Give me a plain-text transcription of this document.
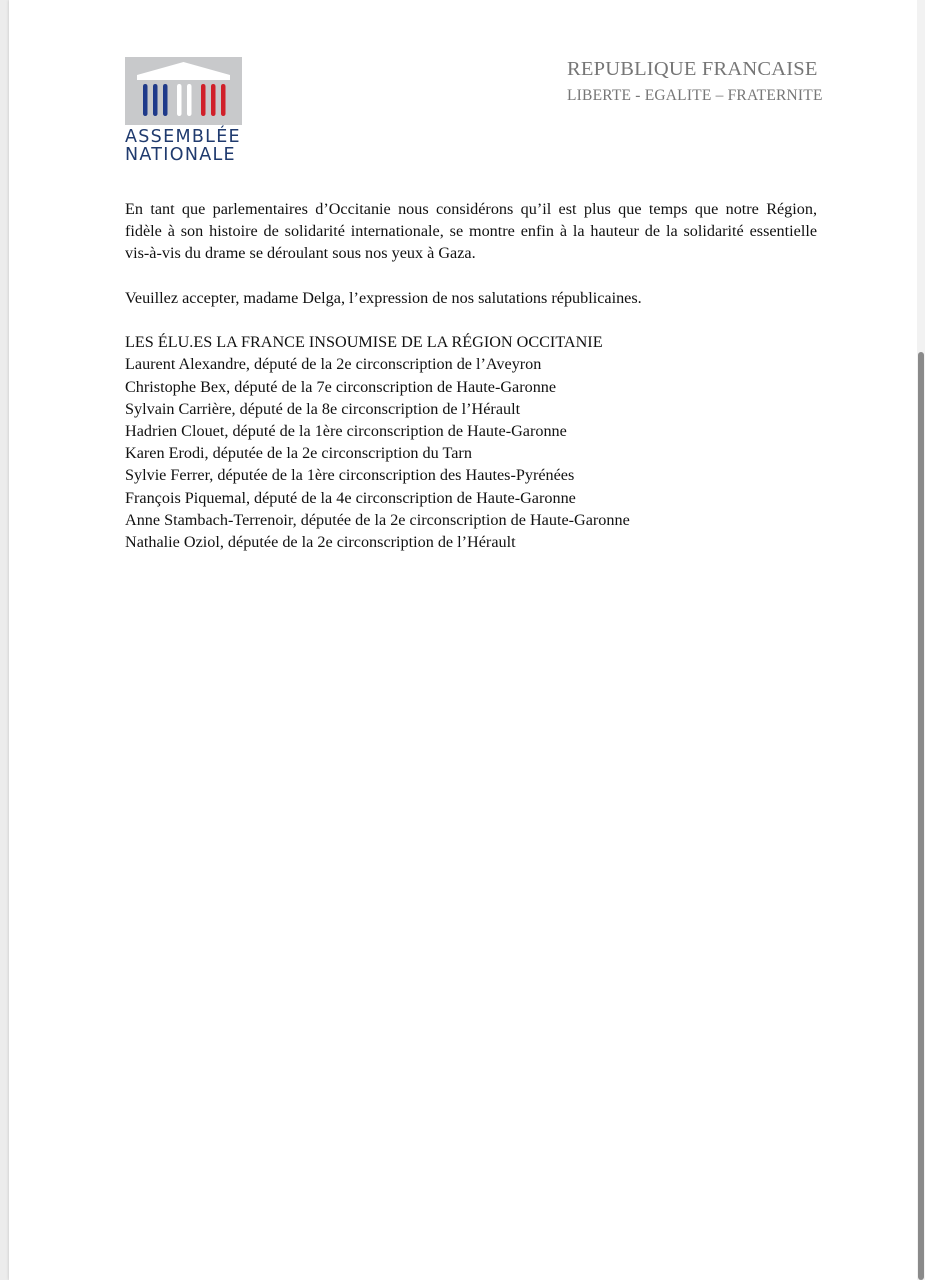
ASSEMBLÉE
NATIONALE
REPUBLIQUE FRANCAISE
LIBERTE - EGALITE – FRATERNITE

En tant que parlementaires d’Occitanie nous considérons qu’il est plus que temps que notre Région,

fidèle à son histoire de solidarité internationale, se montre enfin à la hauteur de la solidarité essentielle

vis-à-vis du drame se déroulant sous nos yeux à Gaza.

Veuillez accepter, madame Delga, l’expression de nos salutations républicaines.

LES ÉLU.ES LA FRANCE INSOUMISE DE LA RÉGION OCCITANIE
Laurent Alexandre, député de la 2e circonscription de l’Aveyron
Christophe Bex, député de la 7e circonscription de Haute-Garonne
Sylvain Carrière, député de la 8e circonscription de l’Hérault
Hadrien Clouet, député de la 1ère circonscription de Haute-Garonne
Karen Erodi, députée de la 2e circonscription du Tarn
Sylvie Ferrer, députée de la 1ère circonscription des Hautes-Pyrénées
François Piquemal, député de la 4e circonscription de Haute-Garonne
Anne Stambach-Terrenoir, députée de la 2e circonscription de Haute-Garonne
Nathalie Oziol, députée de la 2e circonscription de l’Hérault
